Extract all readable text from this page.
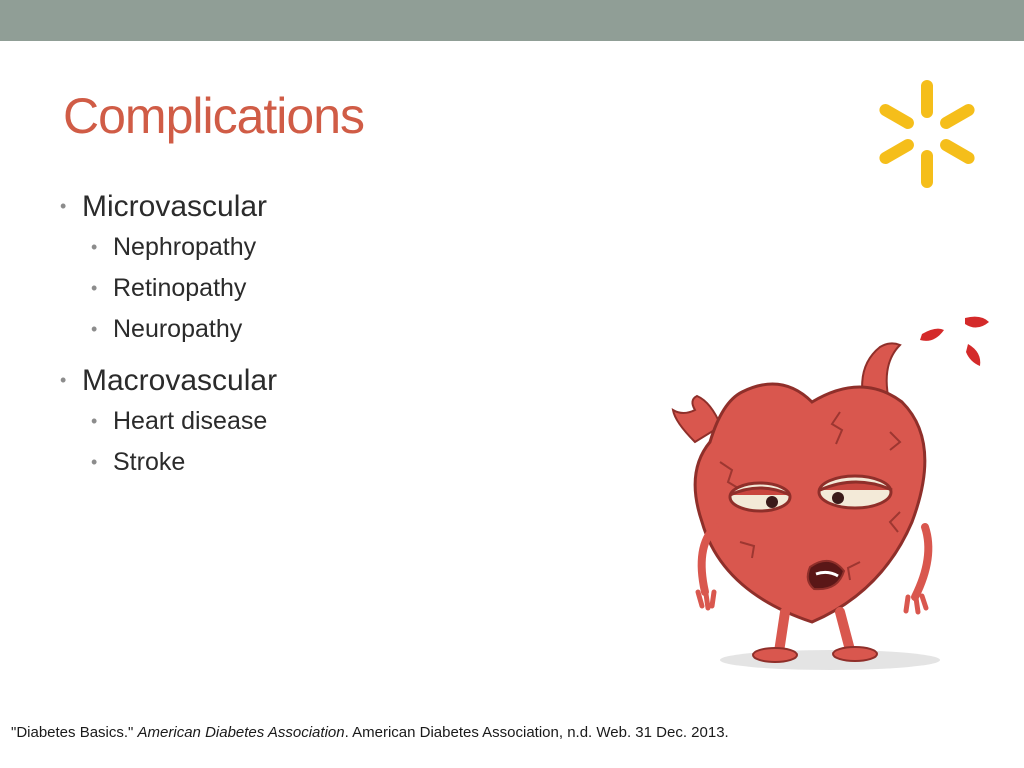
Complications
• Microvascular
• Nephropathy
• Retinopathy
• Neuropathy
• Macrovascular
• Heart disease
• Stroke
"Diabetes Basics." American Diabetes Association. American Diabetes Association, n.d. Web. 31 Dec. 2013.
